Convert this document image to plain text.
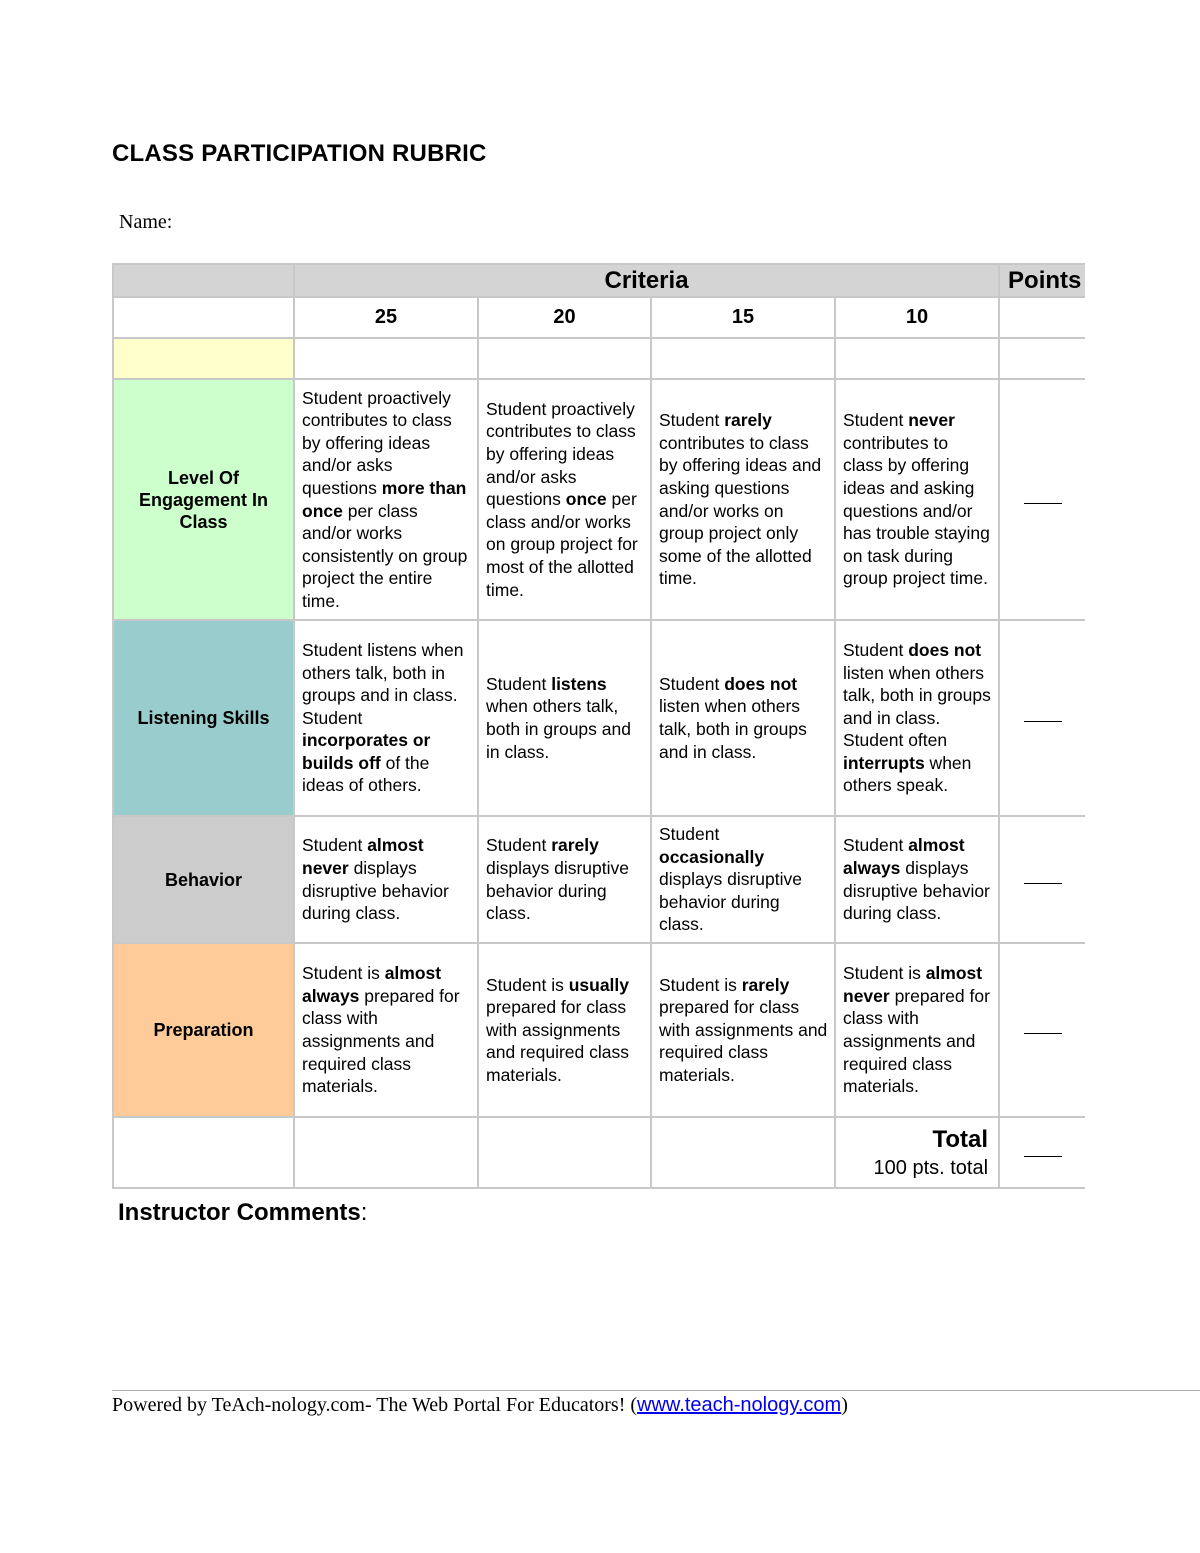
CLASS PARTICIPATION RUBRIC
Name:
	Criteria				Points
	25	20	15	10	

Level Of Engagement In Class	Student proactively contributes to class by offering ideas and/or asks questions more than once per class and/or works consistently on group project the entire time.	Student proactively contributes to class by offering ideas and/or asks questions once per class and/or works on group project for most of the allotted time.	Student rarely contributes to class by offering ideas and asking questions and/or works on group project only some of the allotted time.	Student never contributes to class by offering ideas and asking questions and/or has trouble staying on task during group project time.	
Listening Skills	Student listens when others talk, both in groups and in class. Student incorporates or builds off of the ideas of others.	Student listens when others talk, both in groups and in class.	Student does not listen when others talk, both in groups and in class.	Student does not listen when others talk, both in groups and in class. Student often interrupts when others speak.	
Behavior	Student almost never displays disruptive behavior during class.	Student rarely displays disruptive behavior during class.	Student occasionally displays disruptive behavior during class.	Student almost always displays disruptive behavior during class.	
Preparation	Student is almost always prepared for class with assignments and required class materials.	Student is usually prepared for class with assignments and required class materials.	Student is rarely prepared for class with assignments and required class materials.	Student is almost never prepared for class with assignments and required class materials.	

				Total
100 pts. total	

Instructor Comments:
Powered by TeAch-nology.com- The Web Portal For Educators! (www.teach-nology.com)
